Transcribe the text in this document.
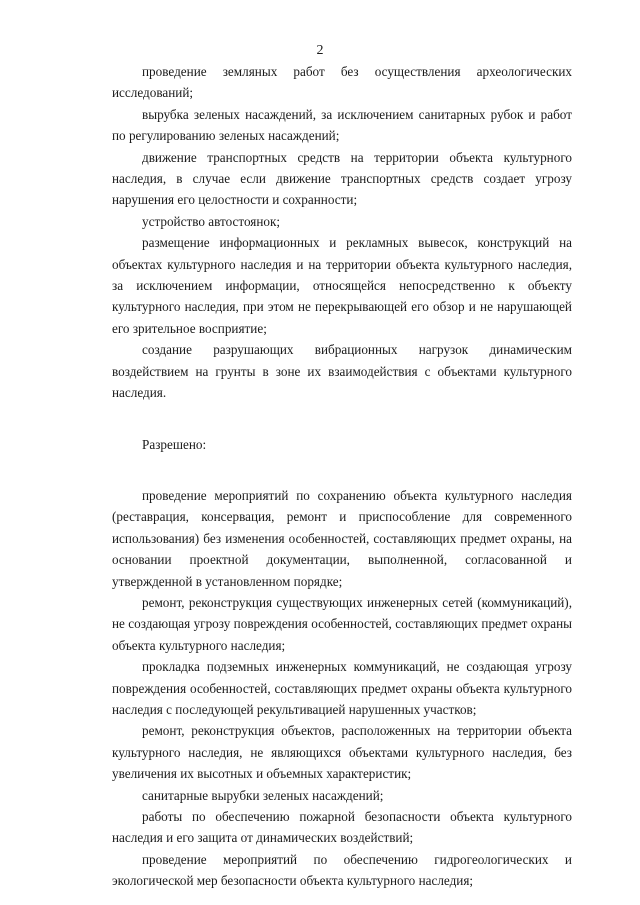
2

проведение земляных работ без осуществления археологических исследований;

вырубка зеленых насаждений, за исключением санитарных рубок и работ по регулированию зеленых насаждений;

движение транспортных средств на территории объекта культурного наследия, в случае если движение транспортных средств создает угрозу нарушения его целостности и сохранности;

устройство автостоянок;

размещение информационных и рекламных вывесок, конструкций на объектах культурного наследия и на территории объекта культурного наследия, за исключением информации, относящейся непосредственно к объекту культурного наследия, при этом не перекрывающей его обзор и не нарушающей его зрительное восприятие;

создание разрушающих вибрационных нагрузок динамическим воздействием на грунты в зоне их взаимодействия с объектами культурного наследия.

Разрешено:

проведение мероприятий по сохранению объекта культурного наследия (реставрация, консервация, ремонт и приспособление для современного использования) без изменения особенностей, составляющих предмет охраны, на основании проектной документации, выполненной, согласованной и утвержденной в установленном порядке;

ремонт, реконструкция существующих инженерных сетей (коммуникаций), не создающая угрозу повреждения особенностей, составляющих предмет охраны объекта культурного наследия;

прокладка подземных инженерных коммуникаций, не создающая угрозу повреждения особенностей, составляющих предмет охраны объекта культурного наследия с последующей рекультивацией нарушенных участков;

ремонт, реконструкция объектов, расположенных на территории объекта культурного наследия, не являющихся объектами культурного наследия, без увеличения их высотных и объемных характеристик;

санитарные вырубки зеленых насаждений;

работы по обеспечению пожарной безопасности объекта культурного наследия и его защита от динамических воздействий;

проведение мероприятий по обеспечению гидрогеологических и экологической мер безопасности объекта культурного наследия;
